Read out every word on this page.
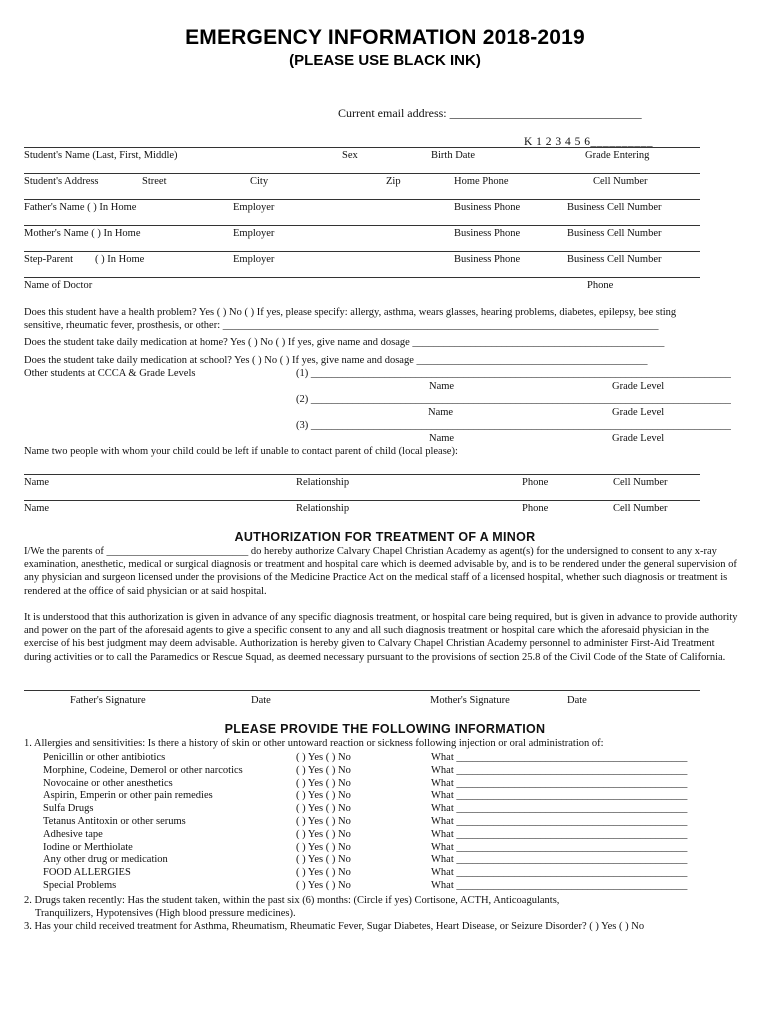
EMERGENCY INFORMATION 2018-2019
(PLEASE USE BLACK INK)
Current email address: ________________________________
K 1 2 3 4 5 6__________
Student's Name (Last, First, Middle)	Sex	Birth Date	Grade Entering
Student's Address	Street	City	Zip	Home Phone	Cell Number
Father's Name ( ) In Home	Employer	Business Phone	Business Cell Number
Mother's Name ( ) In Home	Employer	Business Phone	Business Cell Number
Step-Parent ( ) In Home	Employer	Business Phone	Business Cell Number
Name of Doctor	Phone
Does this student have a health problem? Yes ( ) No ( ) If yes, please specify: allergy, asthma, wears glasses, hearing problems, diabetes, epilepsy, bee sting
sensitive, rheumatic fever, prosthesis, or other: ___________________________________________________________________________________
Does the student take daily medication at home? Yes ( ) No ( ) If yes, give name and dosage ________________________________________________
Does the student take daily medication at school? Yes ( ) No ( ) If yes, give name and dosage ____________________________________________
Other students at CCCA & Grade Levels	(1) ________________________________________________________________________________
Name	Grade Level
(2) ________________________________________________________________________________
Name	Grade Level
(3) ________________________________________________________________________________
Name	Grade Level
Name two people with whom your child could be left if unable to contact parent of child (local please):
Name	Relationship	Phone	Cell Number
Name	Relationship	Phone	Cell Number
AUTHORIZATION FOR TREATMENT OF A MINOR
I/We the parents of ___________________________ do hereby authorize Calvary Chapel Christian Academy as agent(s) for the undersigned to consent to any x-ray examination, anesthetic, medical or surgical diagnosis or treatment and hospital care which is deemed advisable by, and is to be rendered under the general supervision of any physician and surgeon licensed under the provisions of the Medicine Practice Act on the medical staff of a licensed hospital, whether such diagnosis or treatment is rendered at the office of said physician or at said hospital.
It is understood that this authorization is given in advance of any specific diagnosis treatment, or hospital care being required, but is given in advance to provide authority and power on the part of the aforesaid agents to give a specific consent to any and all such diagnosis treatment or hospital care which the aforesaid physician in the exercise of his best judgment may deem advisable. Authorization is hereby given to Calvary Chapel Christian Academy personnel to administer First-Aid Treatment during activities or to call the Paramedics or Rescue Squad, as deemed necessary pursuant to the provisions of section 25.8 of the Civil Code of the State of California.
Father's Signature	Date	Mother's Signature	Date
PLEASE PROVIDE THE FOLLOWING INFORMATION
1. Allergies and sensitivities: Is there a history of skin or other untoward reaction or sickness following injection or oral administration of:
Penicillin or other antibiotics	( ) Yes ( ) No	What ____________________________________________
Morphine, Codeine, Demerol or other narcotics	( ) Yes ( ) No	What ____________________________________________
Novocaine or other anesthetics	( ) Yes ( ) No	What ____________________________________________
Aspirin, Emperin or other pain remedies	( ) Yes ( ) No	What ____________________________________________
Sulfa Drugs	( ) Yes ( ) No	What ____________________________________________
Tetanus Antitoxin or other serums	( ) Yes ( ) No	What ____________________________________________
Adhesive tape	( ) Yes ( ) No	What ____________________________________________
Iodine or Merthiolate	( ) Yes ( ) No	What ____________________________________________
Any other drug or medication	( ) Yes ( ) No	What ____________________________________________
FOOD ALLERGIES	( ) Yes ( ) No	What ____________________________________________
Special Problems	( ) Yes ( ) No	What ____________________________________________
2. Drugs taken recently: Has the student taken, within the past six (6) months: (Circle if yes) Cortisone, ACTH, Anticoagulants,
Tranquilizers, Hypotensives (High blood pressure medicines).
3. Has your child received treatment for Asthma, Rheumatism, Rheumatic Fever, Sugar Diabetes, Heart Disease, or Seizure Disorder? ( ) Yes ( ) No
